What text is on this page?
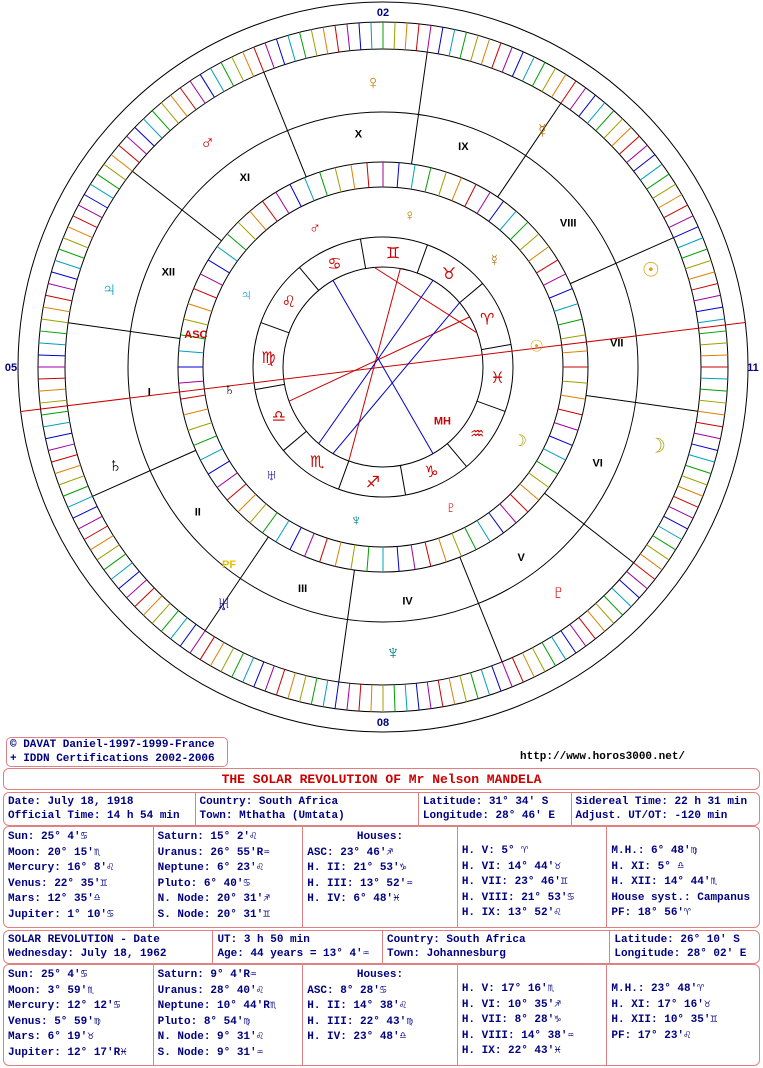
♈
♉
♊
♋
♌
♍
♎
♏
♐
♑
♒
♓
I
II
III
IV
V
VI
VII
VIII
IX
X
XI
XII
☉
☿
♀
♂
♃
♄
♅
♆
♇
☽
☉
☿
♀
♂
♃
♄
♅
♆
♇
☽
ASC
MH
PF
02
08
05	11
© DAVAT Daniel-1997-1999-France
+ IDDN Certifications 2002-2006	http://www.horos3000.net/
THE SOLAR REVOLUTION OF Mr Nelson MANDELA
Date: July 18, 1918
Official Time: 14 h 54 min
Country: South Africa
Town: Mthatha (Umtata)
Latitude: 31° 34' S
Longitude: 28° 46' E
Sidereal Time: 22 h 31 min
Adjust. UT/OT: -120 min
Sun: 25° 4'♋
Moon: 20° 15'♏
Mercury: 16° 8'♌
Venus: 22° 35'♊
Mars: 12° 35'♎
Jupiter: 1° 10'♋
Saturn: 15° 2'♌
Uranus: 26° 55'R♒
Neptune: 6° 23'♌
Pluto: 6° 40'♋
N. Node: 20° 31'♐
S. Node: 20° 31'♊
Houses:
ASC: 23° 46'♐
H. II: 21° 53'♑
H. III: 13° 52'♒
H. IV: 6° 48'♓
H. V: 5° ♈
H. VI: 14° 44'♉
H. VII: 23° 46'♊
H. VIII: 21° 53'♋
H. IX: 13° 52'♌
M.H.: 6° 48'♍
H. XI: 5° ♎
H. XII: 14° 44'♏
House syst.: Campanus
PF: 18° 56'♈
SOLAR REVOLUTION - Date
Wednesday: July 18, 1962
UT: 3 h 50 min
Age: 44 years = 13° 4'♒
Country: South Africa
Town: Johannesburg
Latitude: 26° 10' S
Longitude: 28° 02' E
Sun: 25° 4'♋
Moon: 3° 59'♏
Mercury: 12° 12'♋
Venus: 5° 59'♍
Mars: 6° 19'♉
Jupiter: 12° 17'R♓
Saturn: 9° 4'R♒
Uranus: 28° 40'♌
Neptune: 10° 44'R♏
Pluto: 8° 54'♍
N. Node: 9° 31'♌
S. Node: 9° 31'♒
Houses:
ASC: 8° 28'♋
H. II: 14° 38'♌
H. III: 22° 43'♍
H. IV: 23° 48'♎
H. V: 17° 16'♏
H. VI: 10° 35'♐
H. VII: 8° 28'♑
H. VIII: 14° 38'♒
H. IX: 22° 43'♓
M.H.: 23° 48'♈
H. XI: 17° 16'♉
H. XII: 10° 35'♊
PF: 17° 23'♌
